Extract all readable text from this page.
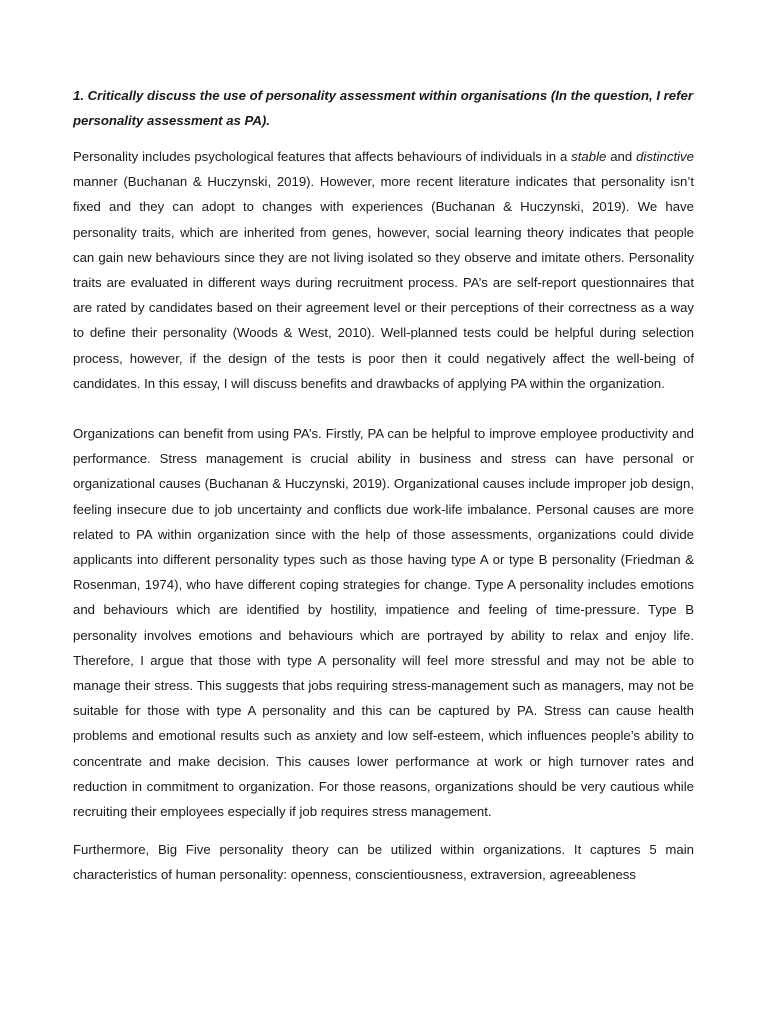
1. Critically discuss the use of personality assessment within organisations (In the question, I refer personality assessment as PA).

Personality includes psychological features that affects behaviours of individuals in a stable and distinctive manner (Buchanan & Huczynski, 2019). However, more recent literature indicates that personality isn’t fixed and they can adopt to changes with experiences (Buchanan & Huczynski, 2019). We have personality traits, which are inherited from genes, however, social learning theory indicates that people can gain new behaviours since they are not living isolated so they observe and imitate others. Personality traits are evaluated in different ways during recruitment process. PA’s are self-report questionnaires that are rated by candidates based on their agreement level or their perceptions of their correctness as a way to define their personality (Woods & West, 2010). Well-planned tests could be helpful during selection process, however, if the design of the tests is poor then it could negatively affect the well-being of candidates. In this essay, I will discuss benefits and drawbacks of applying PA within the organization.

Organizations can benefit from using PA’s. Firstly, PA can be helpful to improve employee productivity and performance. Stress management is crucial ability in business and stress can have personal or organizational causes (Buchanan & Huczynski, 2019). Organizational causes include improper job design, feeling insecure due to job uncertainty and conflicts due work-life imbalance. Personal causes are more related to PA within organization since with the help of those assessments, organizations could divide applicants into different personality types such as those having type A or type B personality (Friedman & Rosenman, 1974), who have different coping strategies for change. Type A personality includes emotions and behaviours which are identified by hostility, impatience and feeling of time-pressure. Type B personality involves emotions and behaviours which are portrayed by ability to relax and enjoy life. Therefore, I argue that those with type A personality will feel more stressful and may not be able to manage their stress. This suggests that jobs requiring stress-management such as managers, may not be suitable for those with type A personality and this can be captured by PA. Stress can cause health problems and emotional results such as anxiety and low self-esteem, which influences people’s ability to concentrate and make decision. This causes lower performance at work or high turnover rates and reduction in commitment to organization. For those reasons, organizations should be very cautious while recruiting their employees especially if job requires stress management.

Furthermore, Big Five personality theory can be utilized within organizations. It captures 5 main characteristics of human personality: openness, conscientiousness, extraversion, agreeableness
